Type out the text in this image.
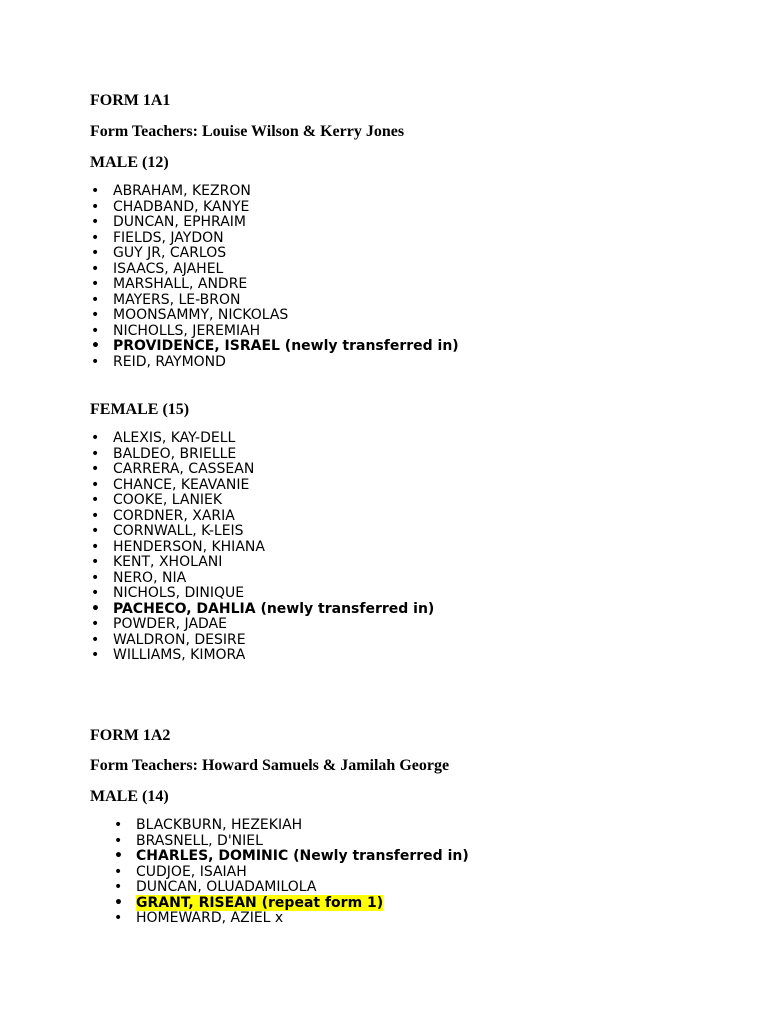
FORM 1A1

Form Teachers: Louise Wilson & Kerry Jones

MALE (12)
• ABRAHAM, KEZRON
• CHADBAND, KANYE
• DUNCAN, EPHRAIM
• FIELDS, JAYDON
• GUY JR, CARLOS
• ISAACS, AJAHEL
• MARSHALL, ANDRE
• MAYERS, LE-BRON
• MOONSAMMY, NICKOLAS
• NICHOLLS, JEREMIAH
• PROVIDENCE, ISRAEL (newly transferred in)
• REID, RAYMOND
FEMALE (15)
• ALEXIS, KAY-DELL
• BALDEO, BRIELLE
• CARRERA, CASSEAN
• CHANCE, KEAVANIE
• COOKE, LANIEK
• CORDNER, XARIA
• CORNWALL, K-LEIS
• HENDERSON, KHIANA
• KENT, XHOLANI
• NERO, NIA
• NICHOLS, DINIQUE
• PACHECO, DAHLIA (newly transferred in)
• POWDER, JADAE
• WALDRON, DESIRE
• WILLIAMS, KIMORA
FORM 1A2

Form Teachers: Howard Samuels & Jamilah George

MALE (14)
• BLACKBURN, HEZEKIAH
• BRASNELL, D'NIEL
• CHARLES, DOMINIC (Newly transferred in)
• CUDJOE, ISAIAH
• DUNCAN, OLUADAMILOLA
• GRANT, RISEAN (repeat form 1)
• HOMEWARD, AZIEL x
